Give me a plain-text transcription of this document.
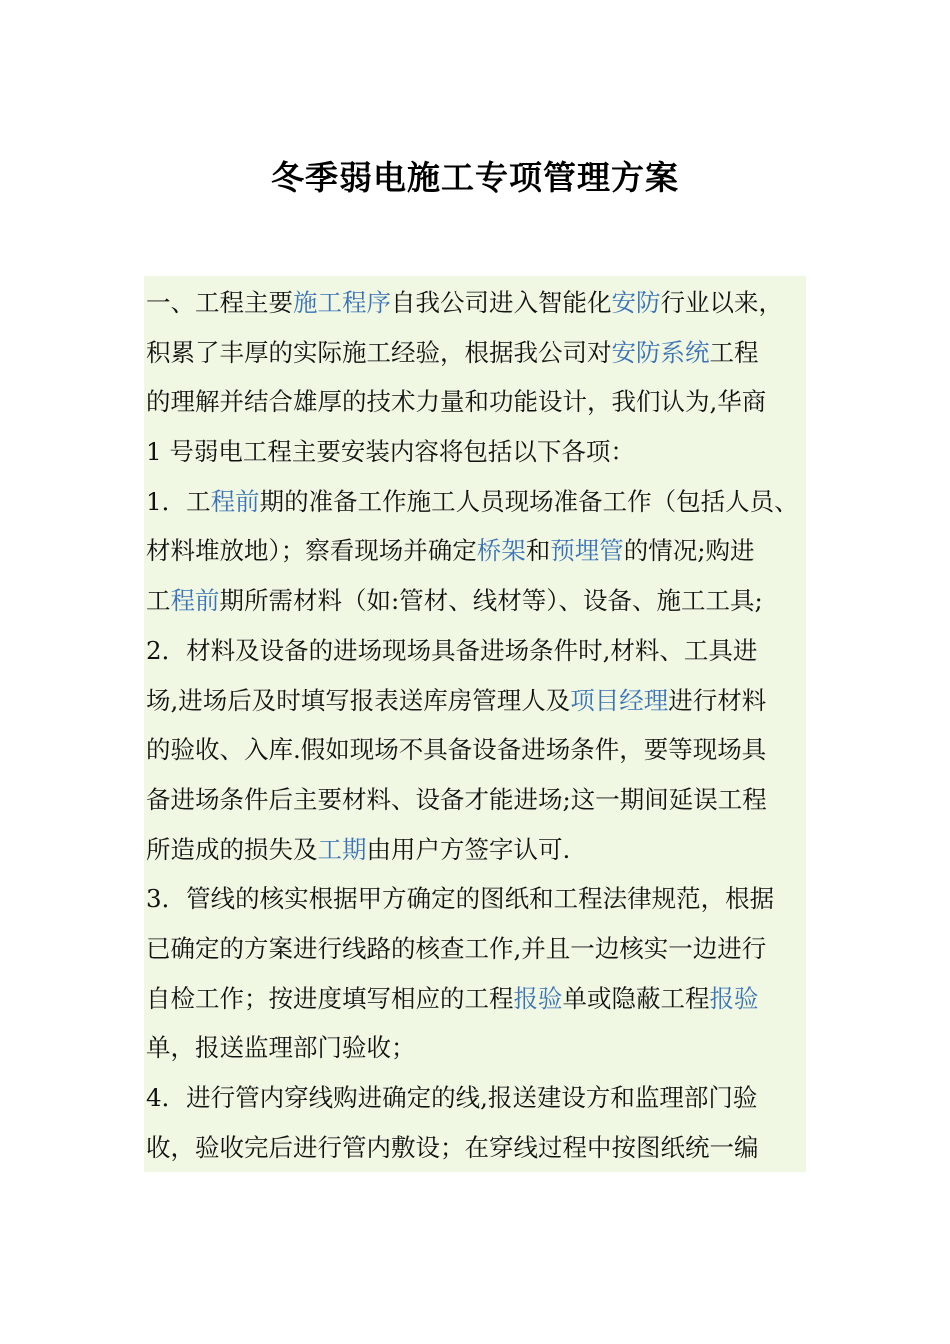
冬季弱电施工专项管理方案
一、工程主要施工程序自我公司进入智能化安防行业以来，
积累了丰厚的实际施工经验，根据我公司对安防系统工程
的理解并结合雄厚的技术力量和功能设计，我们认为,华商
1 号弱电工程主要安装内容将包括以下各项：
1．工程前期的准备工作施工人员现场准备工作（包括人员、
材料堆放地）；察看现场并确定桥架和预埋管的情况;购进
工程前期所需材料（如:管材、线材等）、设备、施工工具;
2．材料及设备的进场现场具备进场条件时,材料、工具进
场,进场后及时填写报表送库房管理人及项目经理进行材料
的验收、入库.假如现场不具备设备进场条件，要等现场具
备进场条件后主要材料、设备才能进场;这一期间延误工程
所造成的损失及工期由用户方签字认可.
3．管线的核实根据甲方确定的图纸和工程法律规范，根据
已确定的方案进行线路的核查工作,并且一边核实一边进行
自检工作；按进度填写相应的工程报验单或隐蔽工程报验
单，报送监理部门验收；
4．进行管内穿线购进确定的线,报送建设方和监理部门验
收，验收完后进行管内敷设；在穿线过程中按图纸统一编
